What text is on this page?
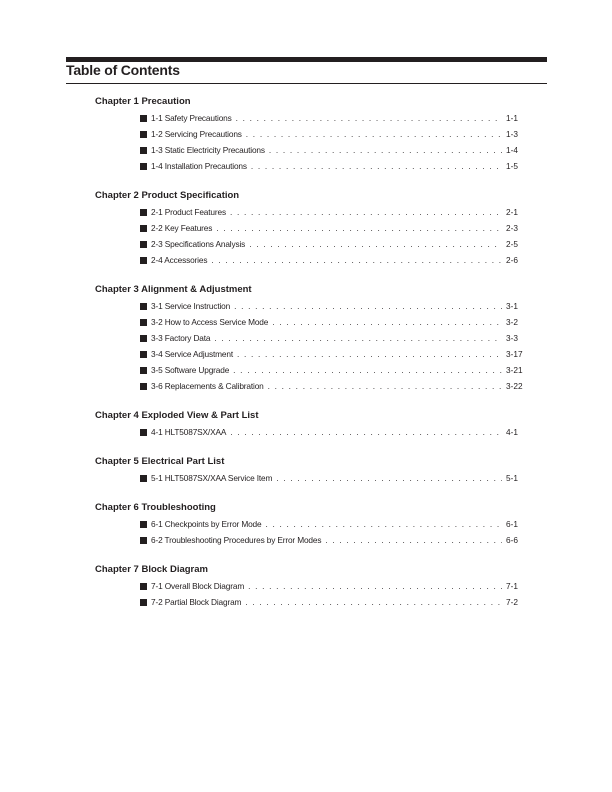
Table of Contents
Chapter 1 Precaution
1-1 Safety Precautions . . .	1-1
1-2 Servicing Precautions . . .	1-3
1-3 Static Electricity Precautions . . .	1-4
1-4 Installation Precautions . . .	1-5
Chapter 2 Product Specification
2-1 Product Features . . .	2-1
2-2 Key Features . . .	2-3
2-3 Specifications Analysis . . .	2-5
2-4 Accessories . . .	2-6
Chapter 3 Alignment & Adjustment
3-1 Service Instruction . . .	3-1
3-2 How to Access Service Mode . . .	3-2
3-3 Factory Data . . .	3-3
3-4 Service Adjustment . . .	3-17
3-5 Software Upgrade . . .	3-21
3-6 Replacements & Calibration . . .	3-22
Chapter 4 Exploded View & Part List
4-1 HLT5087SX/XAA . . .	4-1
Chapter 5 Electrical Part List
5-1 HLT5087SX/XAA Service Item . . .	5-1
Chapter 6 Troubleshooting
6-1 Checkpoints by Error Mode . . .	6-1
6-2 Troubleshooting Procedures by Error Modes . . .	6-6
Chapter 7 Block Diagram
7-1 Overall Block Diagram . . .	7-1
7-2 Partial Block Diagram . . .	7-2
